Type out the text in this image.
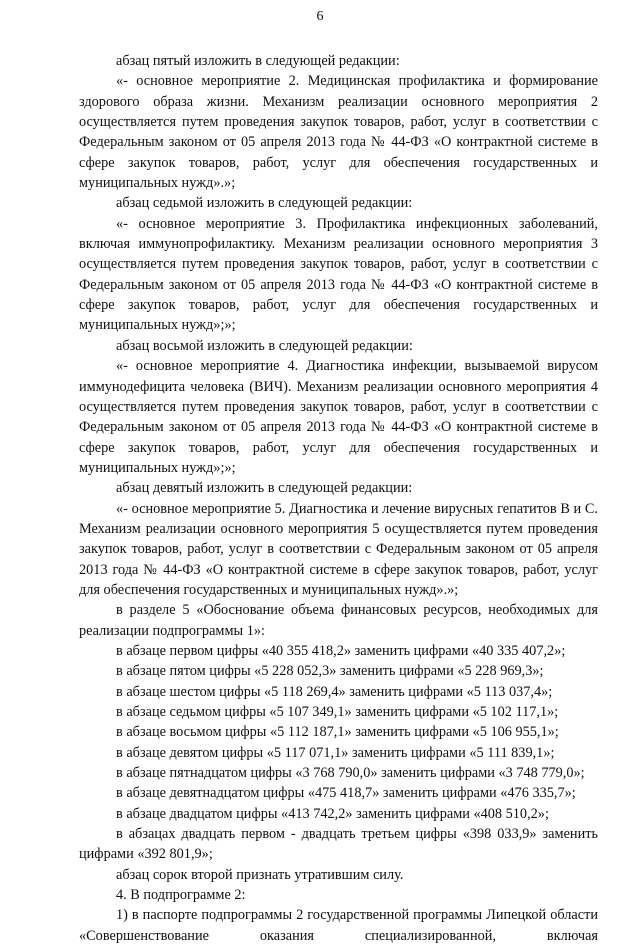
6

абзац пятый изложить в следующей редакции:

«- основное мероприятие 2. Медицинская профилактика и формирование здорового образа жизни. Механизм реализации основного мероприятия 2 осуществляется путем проведения закупок товаров, работ, услуг в соответствии с Федеральным законом от 05 апреля 2013 года № 44-ФЗ «О контрактной системе в сфере закупок товаров, работ, услуг для обеспечения государственных и муниципальных нужд».»;

абзац седьмой изложить в следующей редакции:

«- основное мероприятие 3. Профилактика инфекционных заболеваний, включая иммунопрофилактику. Механизм реализации основного мероприятия 3 осуществляется путем проведения закупок товаров, работ, услуг в соответствии с Федеральным законом от 05 апреля 2013 года № 44-ФЗ «О контрактной системе в сфере закупок товаров, работ, услуг для обеспечения государственных и муниципальных нужд»;»;

абзац восьмой изложить в следующей редакции:

«- основное мероприятие 4. Диагностика инфекции, вызываемой вирусом иммунодефицита человека (ВИЧ). Механизм реализации основного мероприятия 4 осуществляется путем проведения закупок товаров, работ, услуг в соответствии с Федеральным законом от 05 апреля 2013 года № 44-ФЗ «О контрактной системе в сфере закупок товаров, работ, услуг для обеспечения государственных и муниципальных нужд»;»;

абзац девятый изложить в следующей редакции:

«- основное мероприятие 5. Диагностика и лечение вирусных гепатитов B и C. Механизм реализации основного мероприятия 5 осуществляется путем проведения закупок товаров, работ, услуг в соответствии с Федеральным законом от 05 апреля 2013 года № 44-ФЗ «О контрактной системе в сфере закупок товаров, работ, услуг для обеспечения государственных и муниципальных нужд».»;

в разделе 5 «Обоснование объема финансовых ресурсов, необходимых для реализации подпрограммы 1»:

в абзаце первом цифры «40 355 418,2» заменить цифрами «40 335 407,2»;

в абзаце пятом цифры «5 228 052,3» заменить цифрами «5 228 969,3»;

в абзаце шестом цифры «5 118 269,4» заменить цифрами «5 113 037,4»;

в абзаце седьмом цифры «5 107 349,1» заменить цифрами «5 102 117,1»;

в абзаце восьмом цифры «5 112 187,1» заменить цифрами «5 106 955,1»;

в абзаце девятом цифры «5 117 071,1» заменить цифрами «5 111 839,1»;

в абзаце пятнадцатом цифры «3 768 790,0» заменить цифрами «3 748 779,0»;

в абзаце девятнадцатом цифры «475 418,7» заменить цифрами «476 335,7»;

в абзаце двадцатом цифры «413 742,2» заменить цифрами «408 510,2»;

в абзацах двадцать первом - двадцать третьем цифры «398 033,9» заменить цифрами «392 801,9»;

абзац сорок второй признать утратившим силу.

4. В подпрограмме 2:

1) в паспорте подпрограммы 2 государственной программы Липецкой области «Совершенствование оказания специализированной, включая
